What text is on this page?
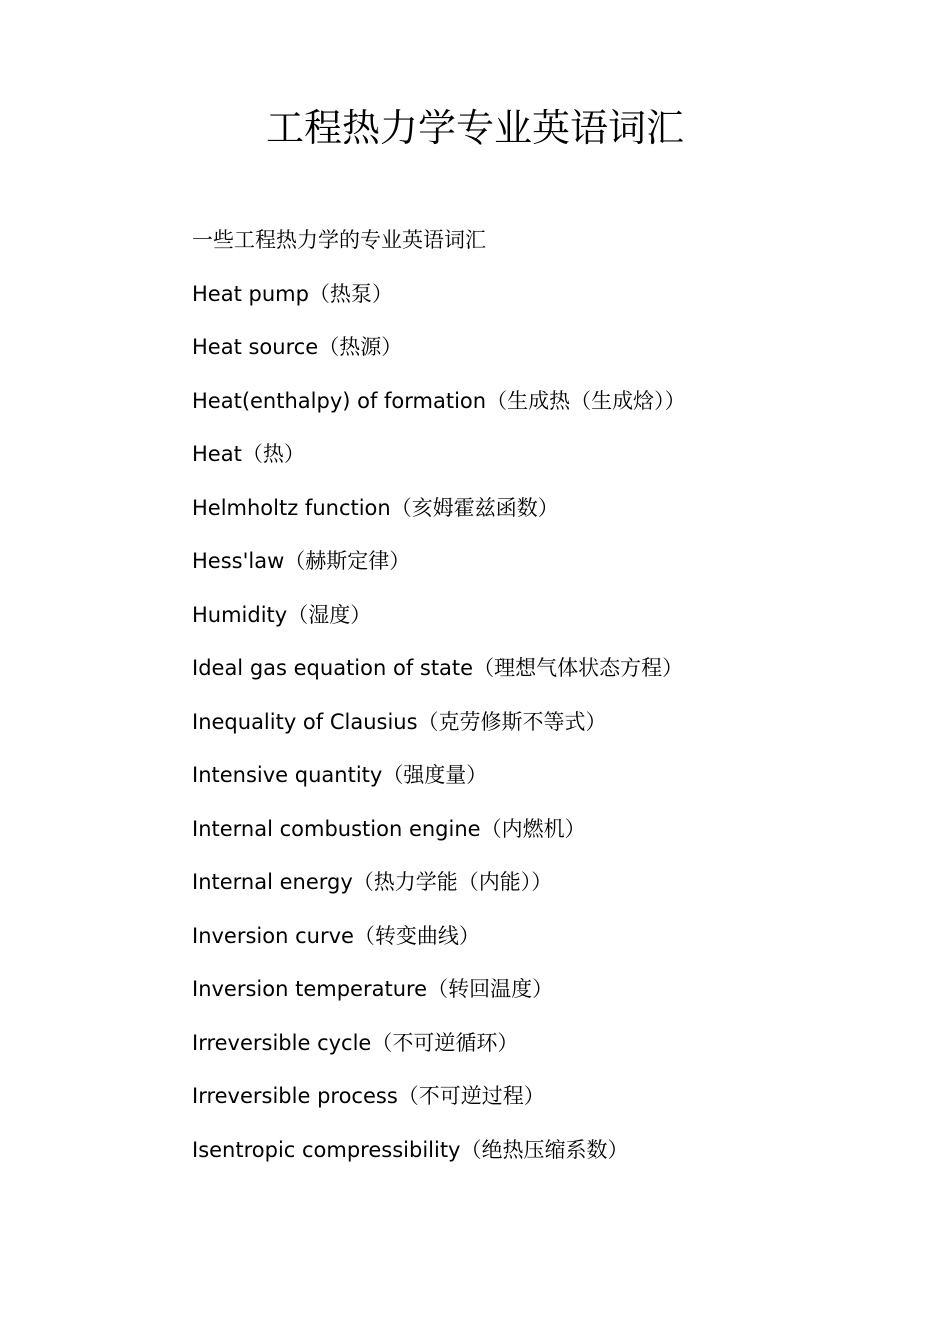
工程热力学专业英语词汇

一些工程热力学的专业英语词汇

Heat pump（热泵）

Heat source（热源）

Heat(enthalpy) of formation（生成热（生成焓））

Heat（热）

Helmholtz function（亥姆霍兹函数）

Hess'law（赫斯定律）

Humidity（湿度）

Ideal gas equation of state（理想气体状态方程）

Inequality of Clausius（克劳修斯不等式）

Intensive quantity（强度量）

Internal combustion engine（内燃机）

Internal energy（热力学能（内能））

Inversion curve（转变曲线）

Inversion temperature（转回温度）

Irreversible cycle（不可逆循环）

Irreversible process（不可逆过程）

Isentropic compressibility（绝热压缩系数）
